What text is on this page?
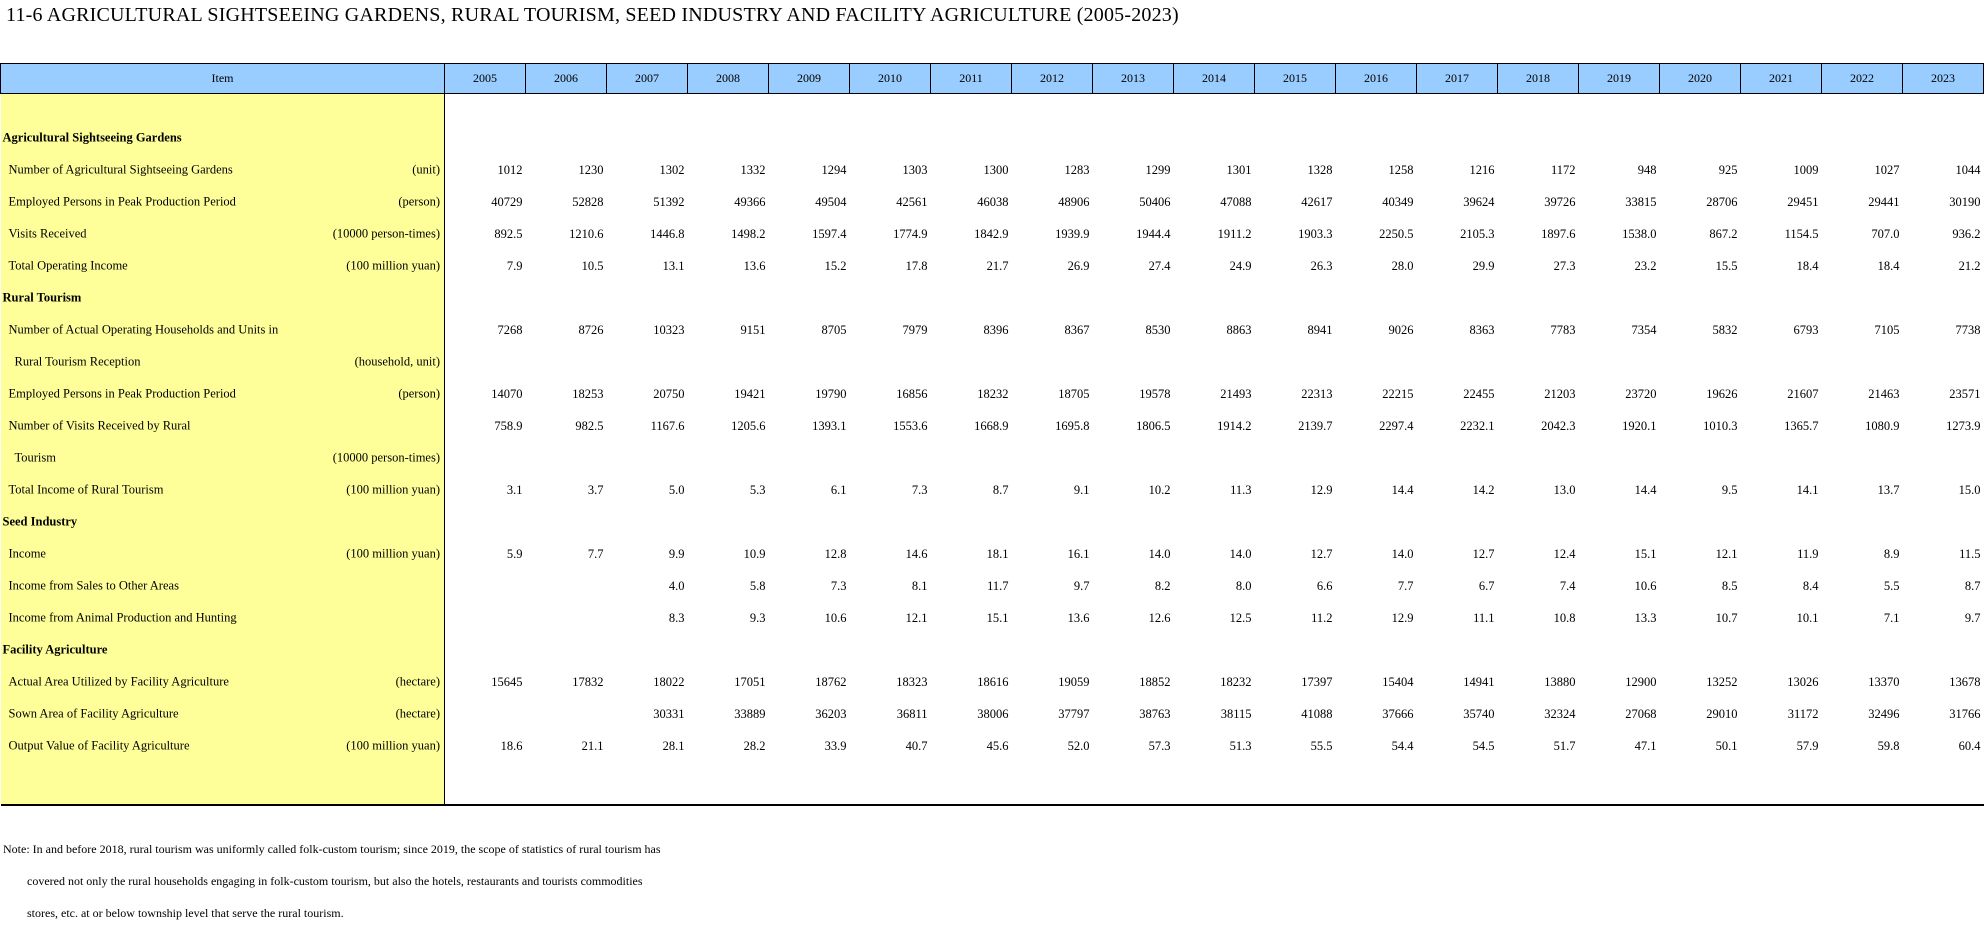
11-6 AGRICULTURAL SIGHTSEEING GARDENS, RURAL TOURISM, SEED INDUSTRY AND FACILITY AGRICULTURE (2005-2023)
Item	2005	2006	2007	2008	2009	2010	2011	2012	2013	2014	2015	2016	2017	2018	2019	2020	2021	2022	2023

Agricultural Sightseeing Gardens																			

Number of Agricultural Sightseeing Gardens (unit)	1012	1230	1302	1332	1294	1303	1300	1283	1299	1301	1328	1258	1216	1172	948	925	1009	1027	1044

Employed Persons in Peak Production Period (person)	40729	52828	51392	49366	49504	42561	46038	48906	50406	47088	42617	40349	39624	39726	33815	28706	29451	29441	30190

Visits Received (10000 person-times)	892.5	1210.6	1446.8	1498.2	1597.4	1774.9	1842.9	1939.9	1944.4	1911.2	1903.3	2250.5	2105.3	1897.6	1538.0	867.2	1154.5	707.0	936.2

Total Operating Income (100 million yuan)	7.9	10.5	13.1	13.6	15.2	17.8	21.7	26.9	27.4	24.9	26.3	28.0	29.9	27.3	23.2	15.5	18.4	18.4	21.2

Rural Tourism																			

Number of Actual Operating Households and Units in	7268	8726	10323	9151	8705	7979	8396	8367	8530	8863	8941	9026	8363	7783	7354	5832	6793	7105	7738

Rural Tourism Reception (household, unit)																			

Employed Persons in Peak Production Period (person)	14070	18253	20750	19421	19790	16856	18232	18705	19578	21493	22313	22215	22455	21203	23720	19626	21607	21463	23571

Number of Visits Received by Rural	758.9	982.5	1167.6	1205.6	1393.1	1553.6	1668.9	1695.8	1806.5	1914.2	2139.7	2297.4	2232.1	2042.3	1920.1	1010.3	1365.7	1080.9	1273.9

Tourism (10000 person-times)																			

Total Income of Rural Tourism (100 million yuan)	3.1	3.7	5.0	5.3	6.1	7.3	8.7	9.1	10.2	11.3	12.9	14.4	14.2	13.0	14.4	9.5	14.1	13.7	15.0

Seed Industry																			

Income (100 million yuan)	5.9	7.7	9.9	10.9	12.8	14.6	18.1	16.1	14.0	14.0	12.7	14.0	12.7	12.4	15.1	12.1	11.9	8.9	11.5

Income from Sales to Other Areas			4.0	5.8	7.3	8.1	11.7	9.7	8.2	8.0	6.6	7.7	6.7	7.4	10.6	8.5	8.4	5.5	8.7

Income from Animal Production and Hunting			8.3	9.3	10.6	12.1	15.1	13.6	12.6	12.5	11.2	12.9	11.1	10.8	13.3	10.7	10.1	7.1	9.7

Facility Agriculture																			

Actual Area Utilized by Facility Agriculture (hectare)	15645	17832	18022	17051	18762	18323	18616	19059	18852	18232	17397	15404	14941	13880	12900	13252	13026	13370	13678

Sown Area of Facility Agriculture (hectare)			30331	33889	36203	36811	38006	37797	38763	38115	41088	37666	35740	32324	27068	29010	31172	32496	31766

Output Value of Facility Agriculture (100 million yuan)	18.6	21.1	28.1	28.2	33.9	40.7	45.6	52.0	57.3	51.3	55.5	54.4	54.5	51.7	47.1	50.1	57.9	59.8	60.4

Note: In and before 2018, rural tourism was uniformly called folk-custom tourism; since 2019, the scope of statistics of rural tourism has
covered not only the rural households engaging in folk-custom tourism, but also the hotels, restaurants and tourists commodities
stores, etc. at or below township level that serve the rural tourism.
